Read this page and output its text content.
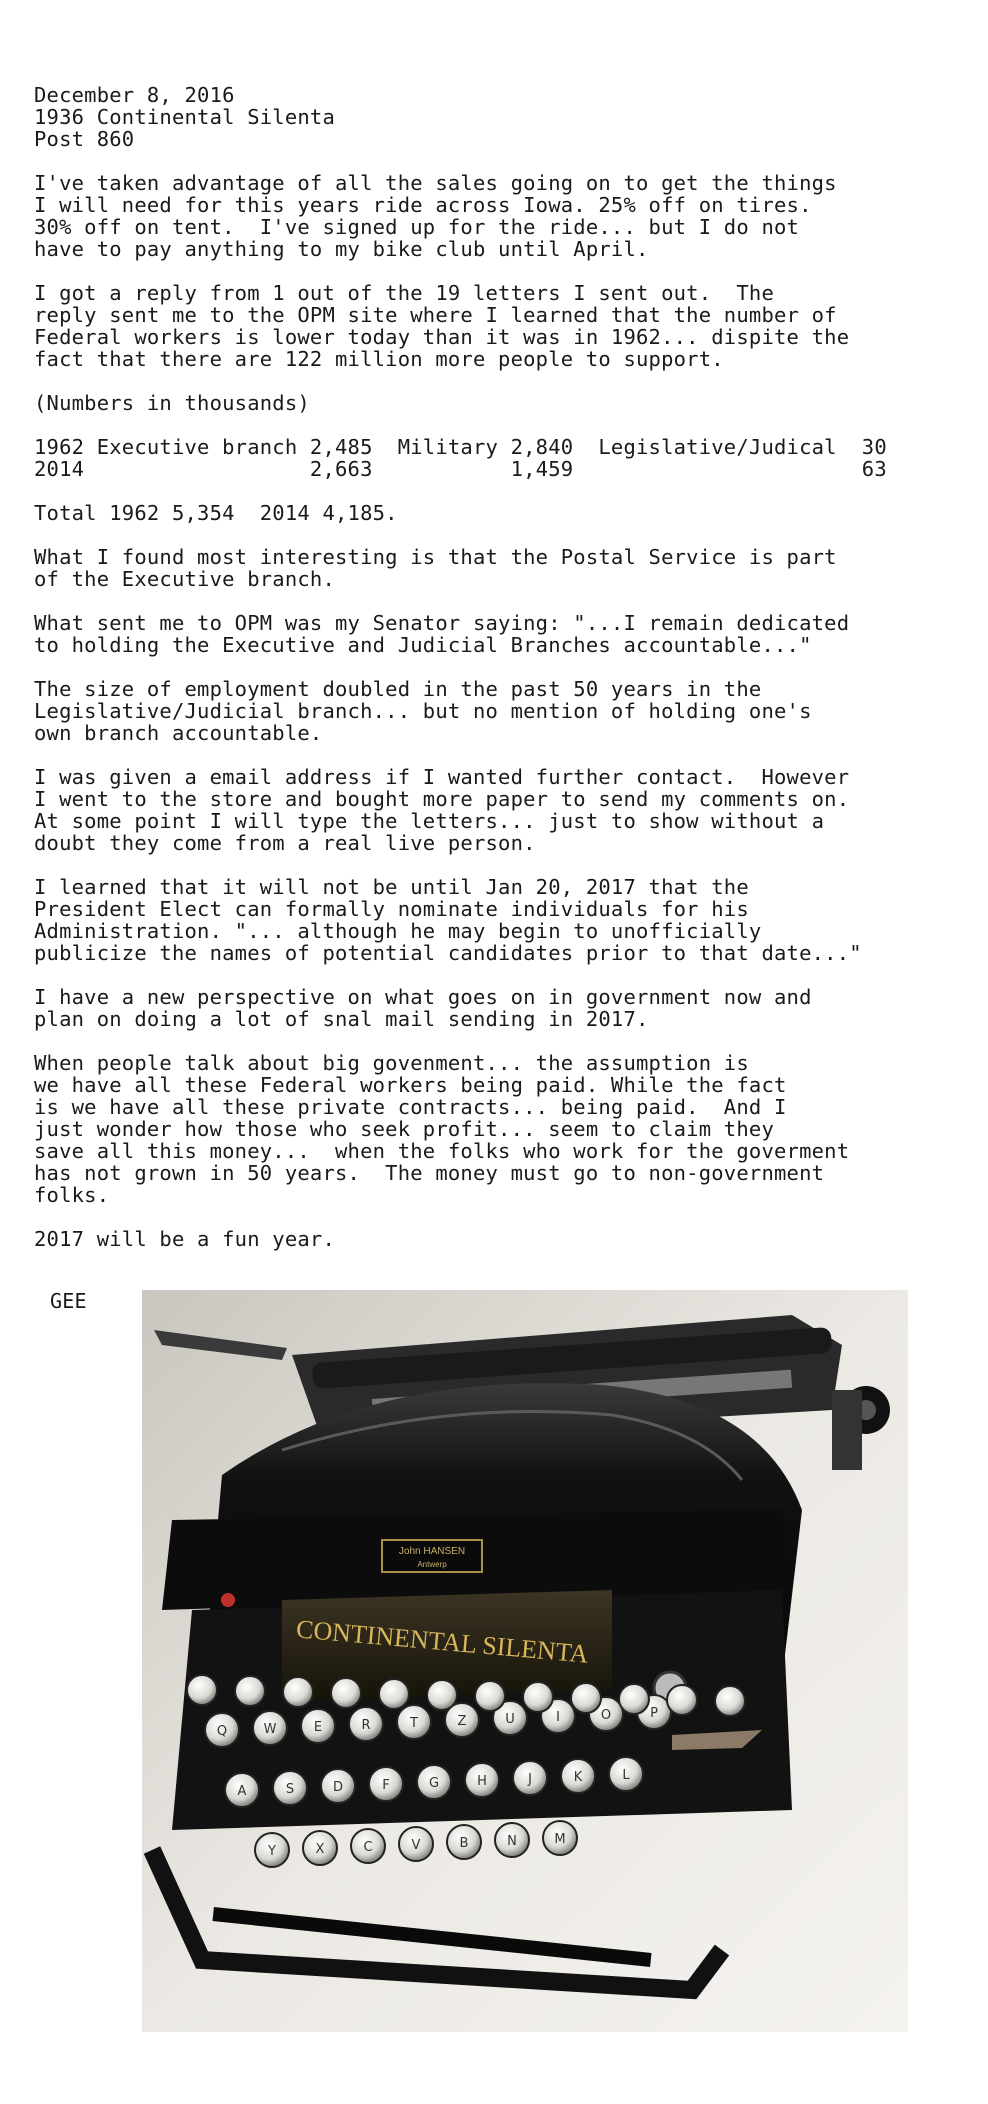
December 8, 2016
1936 Continental Silenta
Post 860
I've taken advantage of all the sales going on to get the things
I will need for this years ride across Iowa. 25% off on tires.
30% off on tent.  I've signed up for the ride... but I do not
have to pay anything to my bike club until April.
I got a reply from 1 out of the 19 letters I sent out.  The
reply sent me to the OPM site where I learned that the number of
Federal workers is lower today than it was in 1962... dispite the
fact that there are 122 million more people to support.
(Numbers in thousands)
1962 Executive branch 2,485  Military 2,840  Legislative/Judical  30
2014                  2,663           1,459                       63
Total 1962 5,354  2014 4,185.
What I found most interesting is that the Postal Service is part
of the Executive branch.
What sent me to OPM was my Senator saying: "...I remain dedicated
to holding the Executive and Judicial Branches accountable..."
The size of employment doubled in the past 50 years in the
Legislative/Judicial branch... but no mention of holding one's
own branch accountable.
I was given a email address if I wanted further contact.  However
I went to the store and bought more paper to send my comments on.
At some point I will type the letters... just to show without a
doubt they come from a real live person.
I learned that it will not be until Jan 20, 2017 that the
President Elect can formally nominate individuals for his
Administration. "... although he may begin to unofficially
publicize the names of potential candidates prior to that date..."
I have a new perspective on what goes on in government now and
plan on doing a lot of snal mail sending in 2017.
When people talk about big govenment... the assumption is
we have all these Federal workers being paid. While the fact
is we have all these private contracts... being paid.  And I
just wonder how those who seek profit... seem to claim they
save all this money...  when the folks who work for the goverment
has not grown in 50 years.  The money must go to non-government
folks.
2017 will be a fun year.
GEE
John HANSEN
Antwerp
CONTINENTAL SILENTA
Q	W	E	R	T	Z	U	I	O	P
A	S	D	F	G	H	J	K	L
Y	X	C	V	B	N	M
